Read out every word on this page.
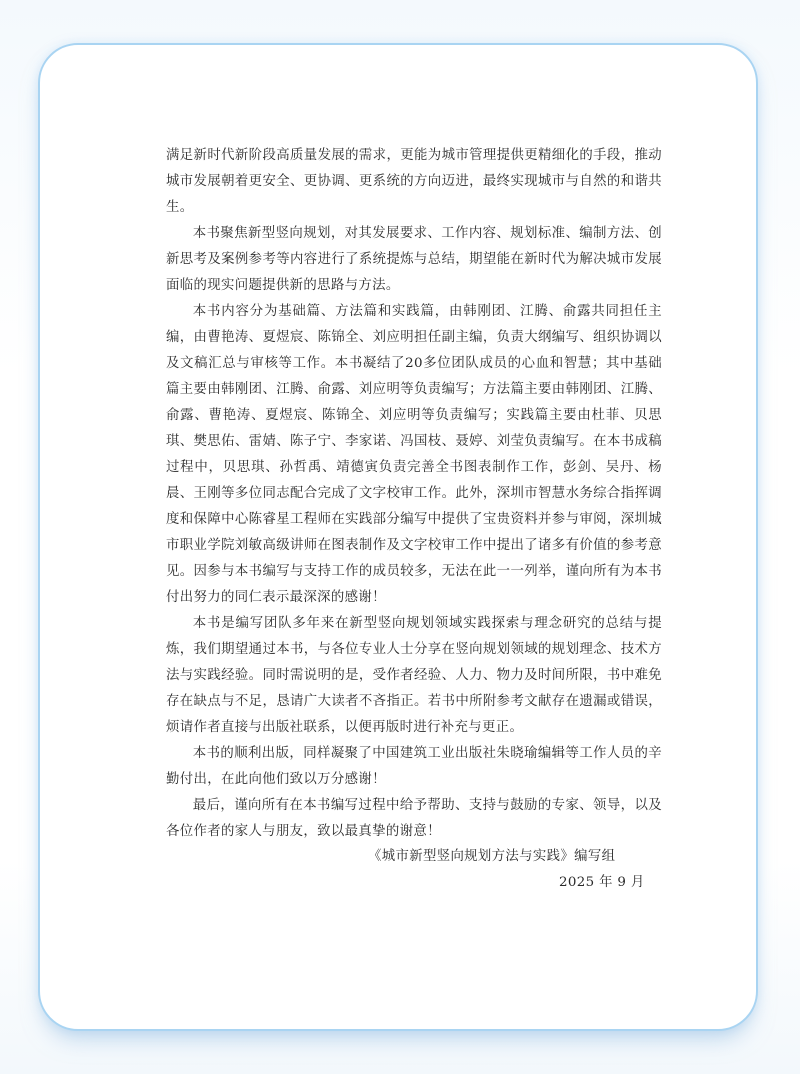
满足新时代新阶段高质量发展的需求，更能为城市管理提供更精细化的手段，推动城市发展朝着更安全、更协调、更系统的方向迈进，最终实现城市与自然的和谐共生。

本书聚焦新型竖向规划，对其发展要求、工作内容、规划标准、编制方法、创新思考及案例参考等内容进行了系统提炼与总结，期望能在新时代为解决城市发展面临的现实问题提供新的思路与方法。

本书内容分为基础篇、方法篇和实践篇，由韩刚团、江腾、俞露共同担任主编，由曹艳涛、夏煜宸、陈锦全、刘应明担任副主编，负责大纲编写、组织协调以及文稿汇总与审核等工作。本书凝结了20多位团队成员的心血和智慧；其中基础篇主要由韩刚团、江腾、俞露、刘应明等负责编写；方法篇主要由韩刚团、江腾、俞露、曹艳涛、夏煜宸、陈锦全、刘应明等负责编写；实践篇主要由杜菲、贝思琪、樊思佑、雷婧、陈子宁、李家诺、冯国枝、聂婷、刘莹负责编写。在本书成稿过程中，贝思琪、孙哲禹、靖德寅负责完善全书图表制作工作，彭剑、吴丹、杨晨、王刚等多位同志配合完成了文字校审工作。此外，深圳市智慧水务综合指挥调度和保障中心陈睿星工程师在实践部分编写中提供了宝贵资料并参与审阅，深圳城市职业学院刘敏高级讲师在图表制作及文字校审工作中提出了诸多有价值的参考意见。因参与本书编写与支持工作的成员较多，无法在此一一列举，谨向所有为本书付出努力的同仁表示最深深的感谢！

本书是编写团队多年来在新型竖向规划领域实践探索与理念研究的总结与提炼，我们期望通过本书，与各位专业人士分享在竖向规划领域的规划理念、技术方法与实践经验。同时需说明的是，受作者经验、人力、物力及时间所限，书中难免存在缺点与不足，恳请广大读者不吝指正。若书中所附参考文献存在遗漏或错误，烦请作者直接与出版社联系，以便再版时进行补充与更正。

本书的顺利出版，同样凝聚了中国建筑工业出版社朱晓瑜编辑等工作人员的辛勤付出，在此向他们致以万分感谢！

最后，谨向所有在本书编写过程中给予帮助、支持与鼓励的专家、领导，以及各位作者的家人与朋友，致以最真挚的谢意！

《城市新型竖向规划方法与实践》编写组
2025 年 9 月
